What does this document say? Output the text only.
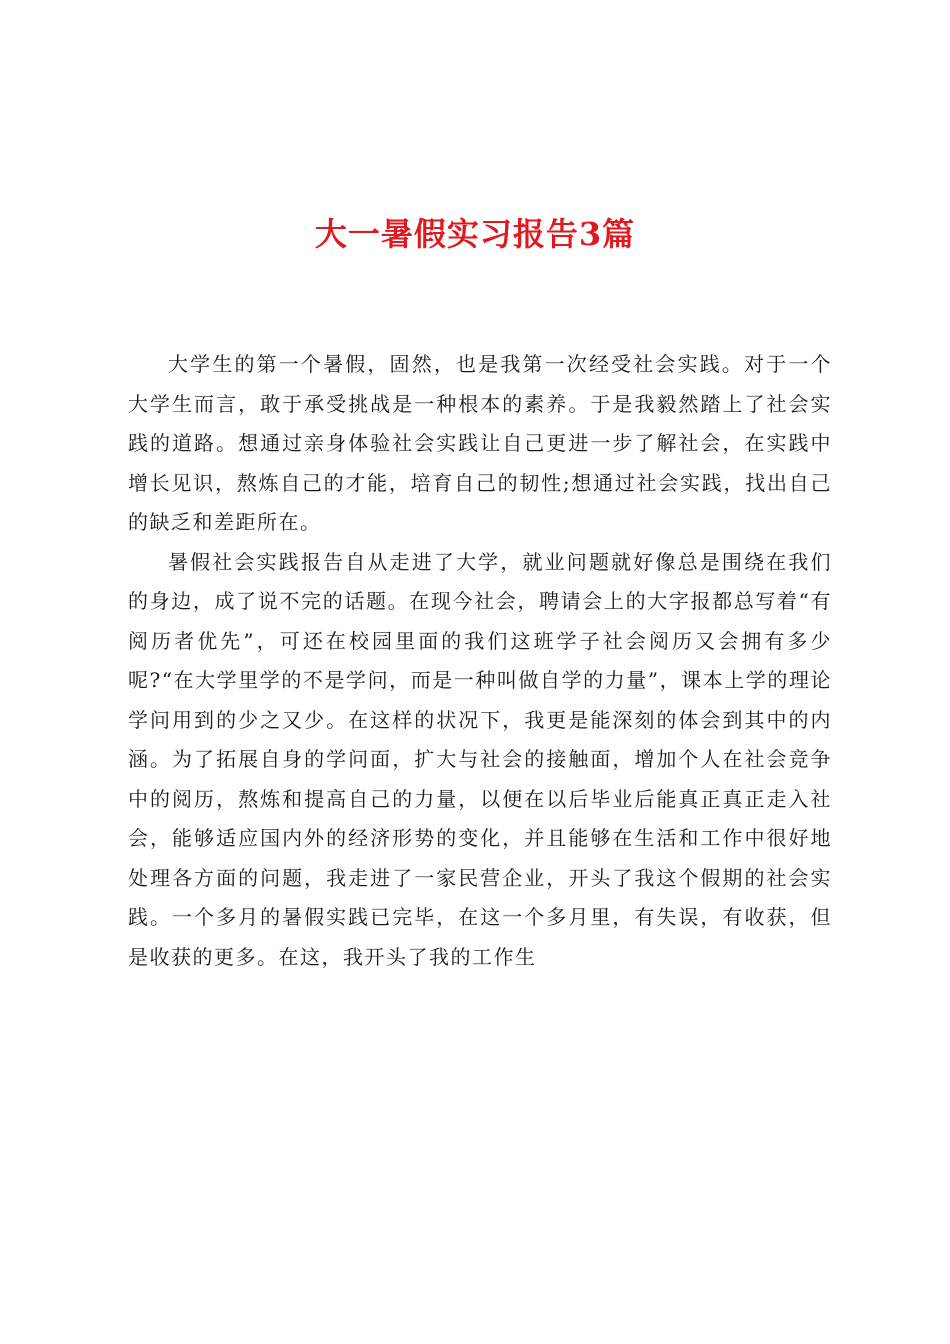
大一暑假实习报告3篇

大学生的第一个暑假，固然，也是我第一次经受社会实践。对于一个大学生而言，敢于承受挑战是一种根本的素养。于是我毅然踏上了社会实践的道路。想通过亲身体验社会实践让自己更进一步了解社会，在实践中增长见识，熬炼自己的才能，培育自己的韧性;想通过社会实践，找出自己的缺乏和差距所在。

暑假社会实践报告自从走进了大学，就业问题就好像总是围绕在我们的身边，成了说不完的话题。在现今社会，聘请会上的大字报都总写着“有阅历者优先”，可还在校园里面的我们这班学子社会阅历又会拥有多少呢?“在大学里学的不是学问，而是一种叫做自学的力量”，课本上学的理论学问用到的少之又少。在这样的状况下，我更是能深刻的体会到其中的内涵。为了拓展自身的学问面，扩大与社会的接触面，增加个人在社会竞争中的阅历，熬炼和提高自己的力量，以便在以后毕业后能真正真正走入社会，能够适应国内外的经济形势的变化，并且能够在生活和工作中很好地处理各方面的问题，我走进了一家民营企业，开头了我这个假期的社会实践。一个多月的暑假实践已完毕，在这一个多月里，有失误，有收获，但是收获的更多。在这，我开头了我的工作生
